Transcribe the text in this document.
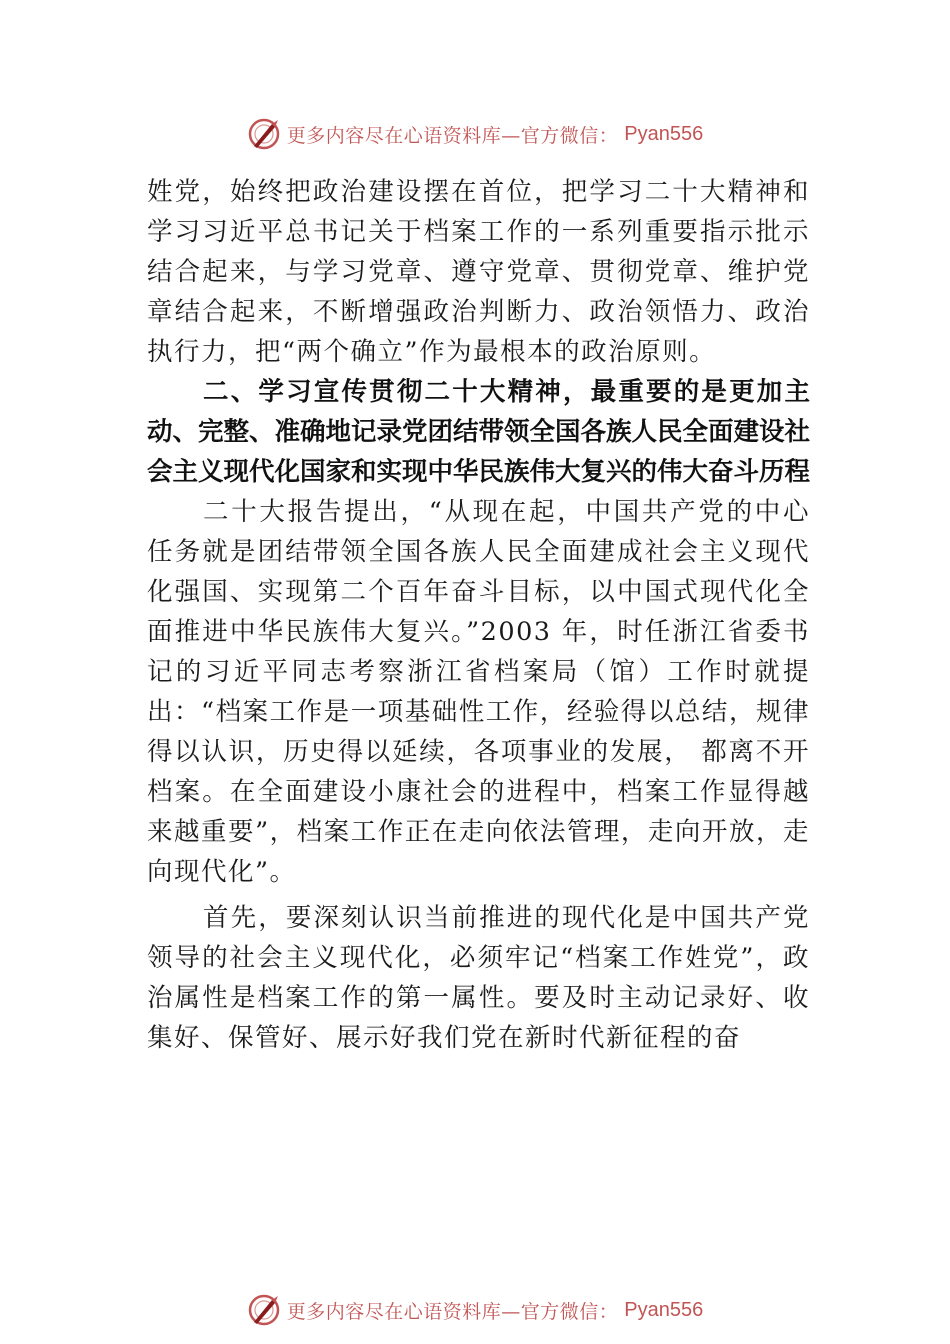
更多内容尽在心语资料库—官方微信： Pyan556

姓党，始终把政治建设摆在首位，把学习二十大精神和学习习近平总书记关于档案工作的一系列重要指示批示结合起来，与学习党章、遵守党章、贯彻党章、维护党章结合起来，不断增强政治判断力、政治领悟力、政治执行力，把“两个确立”作为最根本的政治原则。

二、学习宣传贯彻二十大精神，最重要的是更加主动、完整、准确地记录党团结带领全国各族人民全面建设社会主义现代化国家和实现中华民族伟大复兴的伟大奋斗历程

二十大报告提出，“从现在起，中国共产党的中心任务就是团结带领全国各族人民全面建成社会主义现代化强国、实现第二个百年奋斗目标，以中国式现代化全面推进中华民族伟大复兴。”2003 年，时任浙江省委书记的习近平同志考察浙江省档案局（馆）工作时就提出：“档案工作是一项基础性工作，经验得以总结，规律得以认识，历史得以延续，各项事业的发展， 都离不开档案。在全面建设小康社会的进程中，档案工作显得越来越重要”，档案工作正在走向依法管理，走向开放，走向现代化”。

首先，要深刻认识当前推进的现代化是中国共产党领导的社会主义现代化，必须牢记“档案工作姓党”，政治属性是档案工作的第一属性。要及时主动记录好、收集好、保管好、展示好我们党在新时代新征程的奋

更多内容尽在心语资料库—官方微信： Pyan556
